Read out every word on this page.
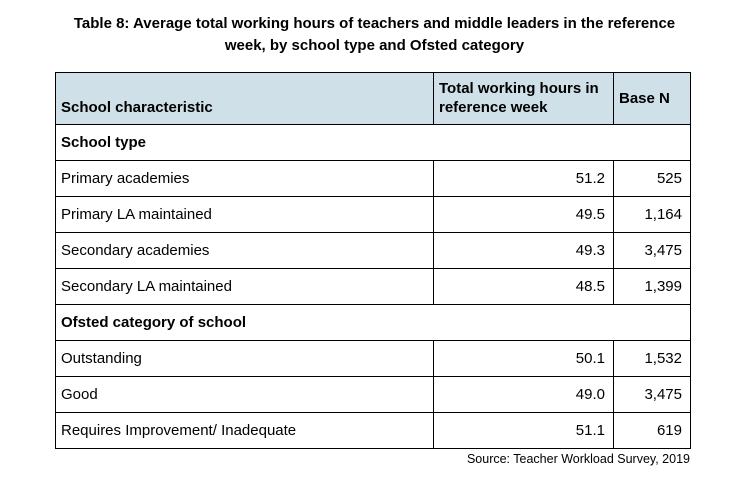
Table 8: Average total working hours of teachers and middle leaders in the reference week, by school type and Ofsted category
School characteristic	Total working hours in reference week	Base N
School type		
Primary academies	51.2	525
Primary LA maintained	49.5	1,164
Secondary academies	49.3	3,475
Secondary LA maintained	48.5	1,399
Ofsted category of school		
Outstanding	50.1	1,532
Good	49.0	3,475
Requires Improvement/ Inadequate	51.1	619
Source: Teacher Workload Survey, 2019
